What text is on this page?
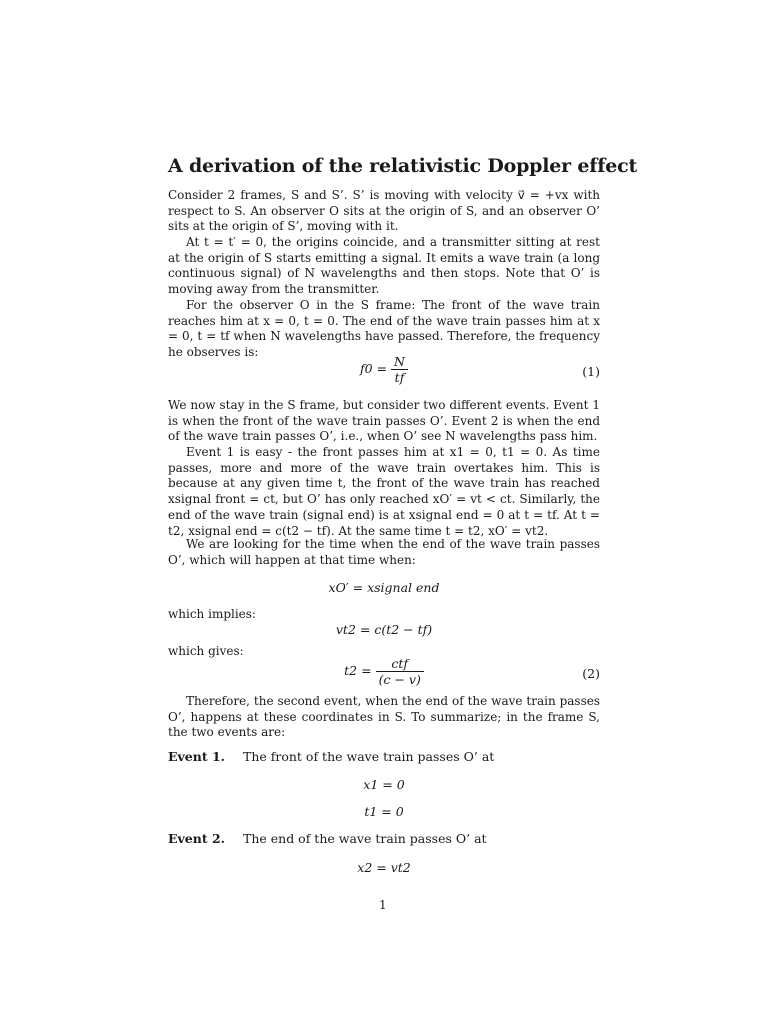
A derivation of the relativistic Doppler effect

Consider 2 frames, S and S’. S’ is moving with velocity v⃗ = +vx with respect to S. An observer O sits at the origin of S, and an observer O’ sits at the origin of S’, moving with it.

At t = t′ = 0, the origins coincide, and a transmitter sitting at rest at the origin of S starts emitting a signal. It emits a wave train (a long continuous signal) of N wavelengths and then stops. Note that O’ is moving away from the transmitter.

For the observer O in the S frame: The front of the wave train reaches him at x = 0, t = 0. The end of the wave train passes him at x = 0, t = tf when N wavelengths have passed. Therefore, the frequency he observes is:

$f0 = \frac{N}{tf}$	(1)

We now stay in the S frame, but consider two different events. Event 1 is when the front of the wave train passes O’. Event 2 is when the end of the wave train passes O’, i.e., when O’ see N wavelengths pass him.

Event 1 is easy - the front passes him at x1 = 0, t1 = 0. As time passes, more and more of the wave train overtakes him. This is because at any given time t, the front of the wave train has reached xsignal front = ct, but O’ has only reached xO′ = vt < ct. Similarly, the end of the wave train (signal end) is at xsignal end = 0 at t = tf. At t = t2, xsignal end = c(t2 − tf). At the same time t = t2, xO′ = vt2.

We are looking for the time when the end of the wave train passes O’, which will happen at that time when:

xO′ = xsignal end

which implies:

vt2 = c(t2 − tf)

which gives:

$t2 = \frac{\text{ctf}}{(c - v)}$	(2)

Therefore, the second event, when the end of the wave train passes O’, happens at these coordinates in S. To summarize; in the frame S, the two events are:

Event 1. The front of the wave train passes O’ at
x1 = 0
t1 = 0
Event 2. The end of the wave train passes O’ at
x2 = vt2
1
